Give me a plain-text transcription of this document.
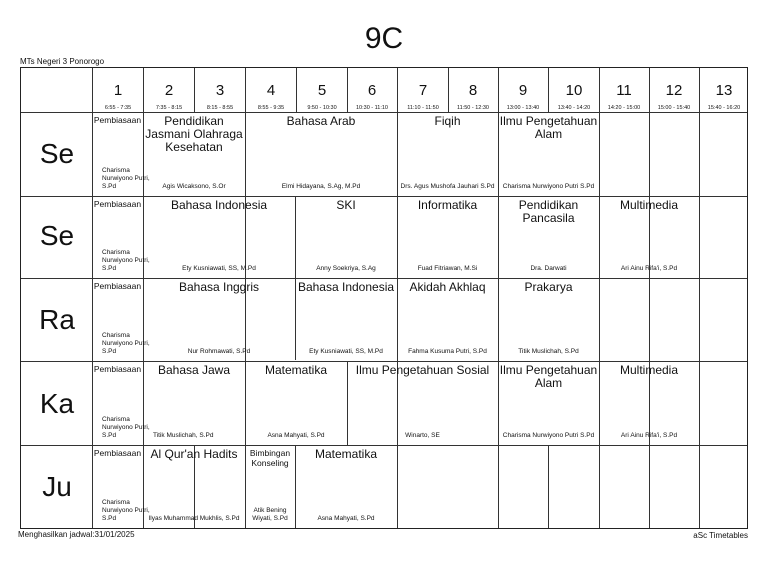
9C
MTs Negeri 3 Ponorogo
1
6:55 - 7:35
2
7:35 - 8:15
3
8:15 - 8:55
4
8:55 - 9:35
5
9:50 - 10:30
6
10:30 - 11:10
7
11:10 - 11:50
8
11:50 - 12:30
9
13:00 - 13:40
10
13:40 - 14:20
11
14:20 - 15:00
12
15:00 - 15:40
13
15:40 - 16:20
Se
Se
Ra
Ka
Ju
Pembiasaan
Charisma Nurwiyono Putri, S.Pd
Pendidikan Jasmani Olahraga Kesehatan
Agis Wicaksono, S.Or
Bahasa Arab
Elmi Hidayana, S.Ag, M.Pd
Fiqih
Drs. Agus Mushofa Jauhari S.Pd
Ilmu Pengetahuan Alam
Charisma Nurwiyono Putri S.Pd
Pembiasaan
Charisma Nurwiyono Putri, S.Pd
Bahasa Indonesia
Ety Kusniawati, SS, M.Pd
SKI
Anny Soekriya, S.Ag
Informatika
Fuad Fitriawan, M.Si
Pendidikan Pancasila
Dra. Darwati
Multimedia
Ari Ainu Rifa'i, S.Pd
Pembiasaan
Charisma Nurwiyono Putri, S.Pd
Bahasa Inggris
Nur Rohmawati, S.Pd
Bahasa Indonesia
Ety Kusniawati, SS, M.Pd
Akidah Akhlaq
Fahma Kusuma Putri, S.Pd
Prakarya
Titik Muslichah, S.Pd
Pembiasaan
Charisma Nurwiyono Putri, S.Pd
Bahasa Jawa
Titik Muslichah, S.Pd
Matematika
Asna Mahyati, S.Pd
Ilmu Pengetahuan Sosial
Winarto, SE
Ilmu Pengetahuan Alam
Charisma Nurwiyono Putri S.Pd
Multimedia
Ari Ainu Rifa'i, S.Pd
Pembiasaan
Charisma Nurwiyono Putri, S.Pd
Al Qur'an Hadits
Ilyas Muhammad Mukhlis, S.Pd
Bimbingan Konseling
Atik Bening Wiyati, S.Pd
Matematika
Asna Mahyati, S.Pd
Menghasilkan jadwal:31/01/2025	aSc Timetables
